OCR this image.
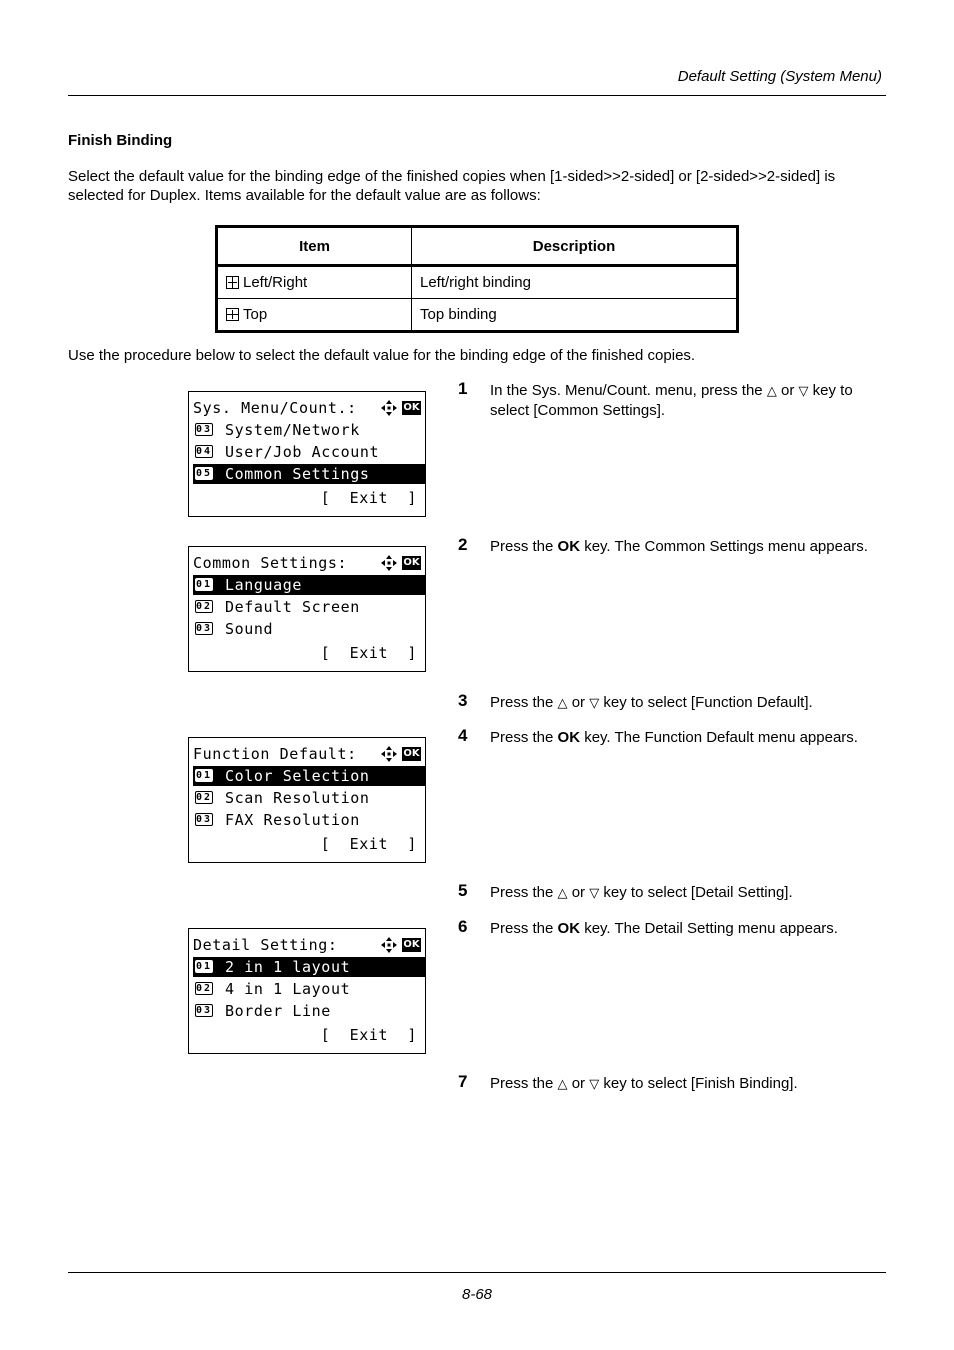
Default Setting (System Menu)
Finish Binding
Select the default value for the binding edge of the finished copies when [1-sided>>2-sided] or [2-sided>>2-sided] is selected for Duplex. Items available for the default value are as follows:
Item	Description
Left/Right	Left/right binding
Top	Top binding
Use the procedure below to select the default value for the binding edge of the finished copies.
Sys. Menu/Count.:	OK
03 System/Network
04 User/Job Account
05 Common Settings
[  Exit  ]
Common Settings:	OK
01 Language
02 Default Screen
03 Sound
[  Exit  ]
Function Default:	OK
01 Color Selection
02 Scan Resolution
03 FAX Resolution
[  Exit  ]
Detail Setting:	OK
01 2 in 1 layout
02 4 in 1 Layout
03 Border Line
[  Exit  ]
1 In the Sys. Menu/Count. menu, press the △ or ▽ key to select [Common Settings].
2 Press the OK key. The Common Settings menu appears.
3 Press the △ or ▽ key to select [Function Default].
4 Press the OK key. The Function Default menu appears.
5 Press the △ or ▽ key to select [Detail Setting].
6 Press the OK key. The Detail Setting menu appears.
7 Press the △ or ▽ key to select [Finish Binding].
8-68
